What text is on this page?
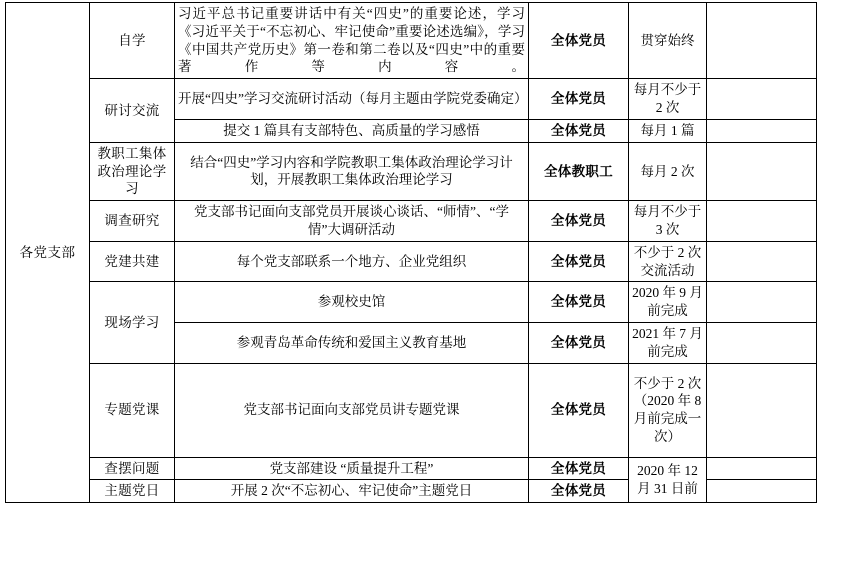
各党支部	自学	习近平总书记重要讲话中有关“四史”的重要论述，学习《习近平关于“不忘初心、牢记使命”重要论述选编》，学习《中国共产党历史》第一卷和第二卷以及“四史”中的重要著作等内容。	全体党员	贯穿始终	
	研讨交流	开展“四史”学习交流研讨活动（每月主题由学院党委确定）	全体党员	每月不少于 2 次	
		提交 1 篇具有支部特色、高质量的学习感悟	全体党员	每月 1 篇	
	教职工集体政治理论学习	结合“四史”学习内容和学院教职工集体政治理论学习计划，开展教职工集体政治理论学习	全体教职工	每月 2 次	
	调查研究	党支部书记面向支部党员开展谈心谈话、“师情”、“学情”大调研活动	全体党员	每月不少于 3 次	
	党建共建	每个党支部联系一个地方、企业党组织	全体党员	不少于 2 次交流活动	
	现场学习	参观校史馆	全体党员	2020 年 9 月前完成	
		参观青岛革命传统和爱国主义教育基地	全体党员	2021 年 7 月前完成	
	专题党课	党支部书记面向支部党员讲专题党课	全体党员	不少于 2 次（2020 年 8 月前完成一次）	
	查摆问题	党支部建设 “质量提升工程”	全体党员	2020 年 12 月 31 日前	
	主题党日	开展 2 次“不忘初心、牢记使命”主题党日	全体党员		
